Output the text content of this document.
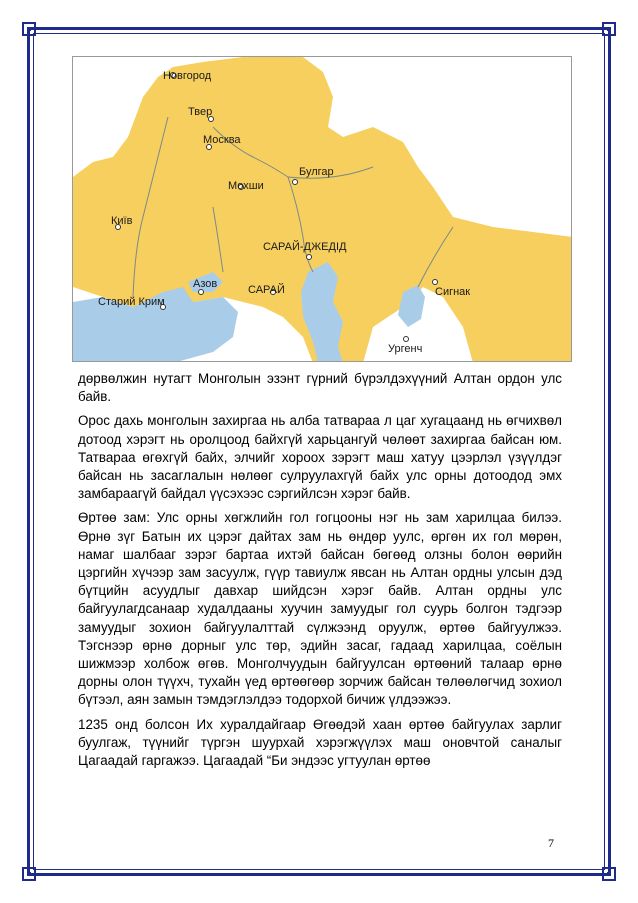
Новгород
Твер
Москва
Булгар
Мохши
Київ
САРАЙ-ДЖЕДІД
Азов	САРАЙ
Старий Крим
Сигнак
Ургенч

дөрвөлжин нутагт Монголын эзэнт гүрний бүрэлдэхүүний Алтан ордон улс байв.

Орос дахь монголын захиргаа нь алба татвараа л цаг хугацаанд нь өгчихвөл дотоод хэрэгт нь оролцоод байхгүй харьцангуй чөлөөт захиргаа байсан юм. Татвараа өгөхгүй байх, элчийг хороох зэрэгт маш хатуу цээрлэл үзүүлдэг байсан нь засаглалын нөлөөг сулруулахгүй байх улс орны дотоодод эмх замбараагүй байдал үүсэхээс сэргийлсэн хэрэг байв.

Өртөө зам: Улс орны хөгжлийн гол гогцооны нэг нь зам харилцаа билээ. Өрнө зүг Батын их цэрэг дайтах зам нь өндөр уулс, өргөн их гол мөрөн, намаг шалбааг зэрэг бартаа ихтэй байсан бөгөөд олзны болон өөрийн цэргийн хүчээр зам засуулж, гүүр тавиулж явсан нь Алтан ордны улсын дэд бүтцийн асуудлыг давхар шийдсэн хэрэг байв. Алтан ордны улс байгуулагдсанаар худалдааны хуучин замуудыг гол суурь болгон тэдгээр замуудыг зохион байгуулалттай сүлжээнд оруулж, өртөө байгуулжээ. Тэгснээр өрнө дорныг улс төр, эдийн засаг, гадаад харилцаа, соёлын шижмээр холбож өгөв. Монголчуудын байгуулсан өртөөний талаар өрнө дорны олон түүхч, тухайн үед өртөөгөөр зорчиж байсан төлөөлөгчид зохиол бүтээл, аян замын тэмдэглэлдээ тодорхой бичиж үлдээжээ.

1235 онд болсон Их хуралдайгаар Өгөөдэй хаан өртөө байгуулах зарлиг буулгаж, түүнийг түргэн шуурхай хэрэгжүүлэх маш оновчтой саналыг Цагаадай гаргажээ. Цагаадай “Би эндээс угтуулан өртөө

7
